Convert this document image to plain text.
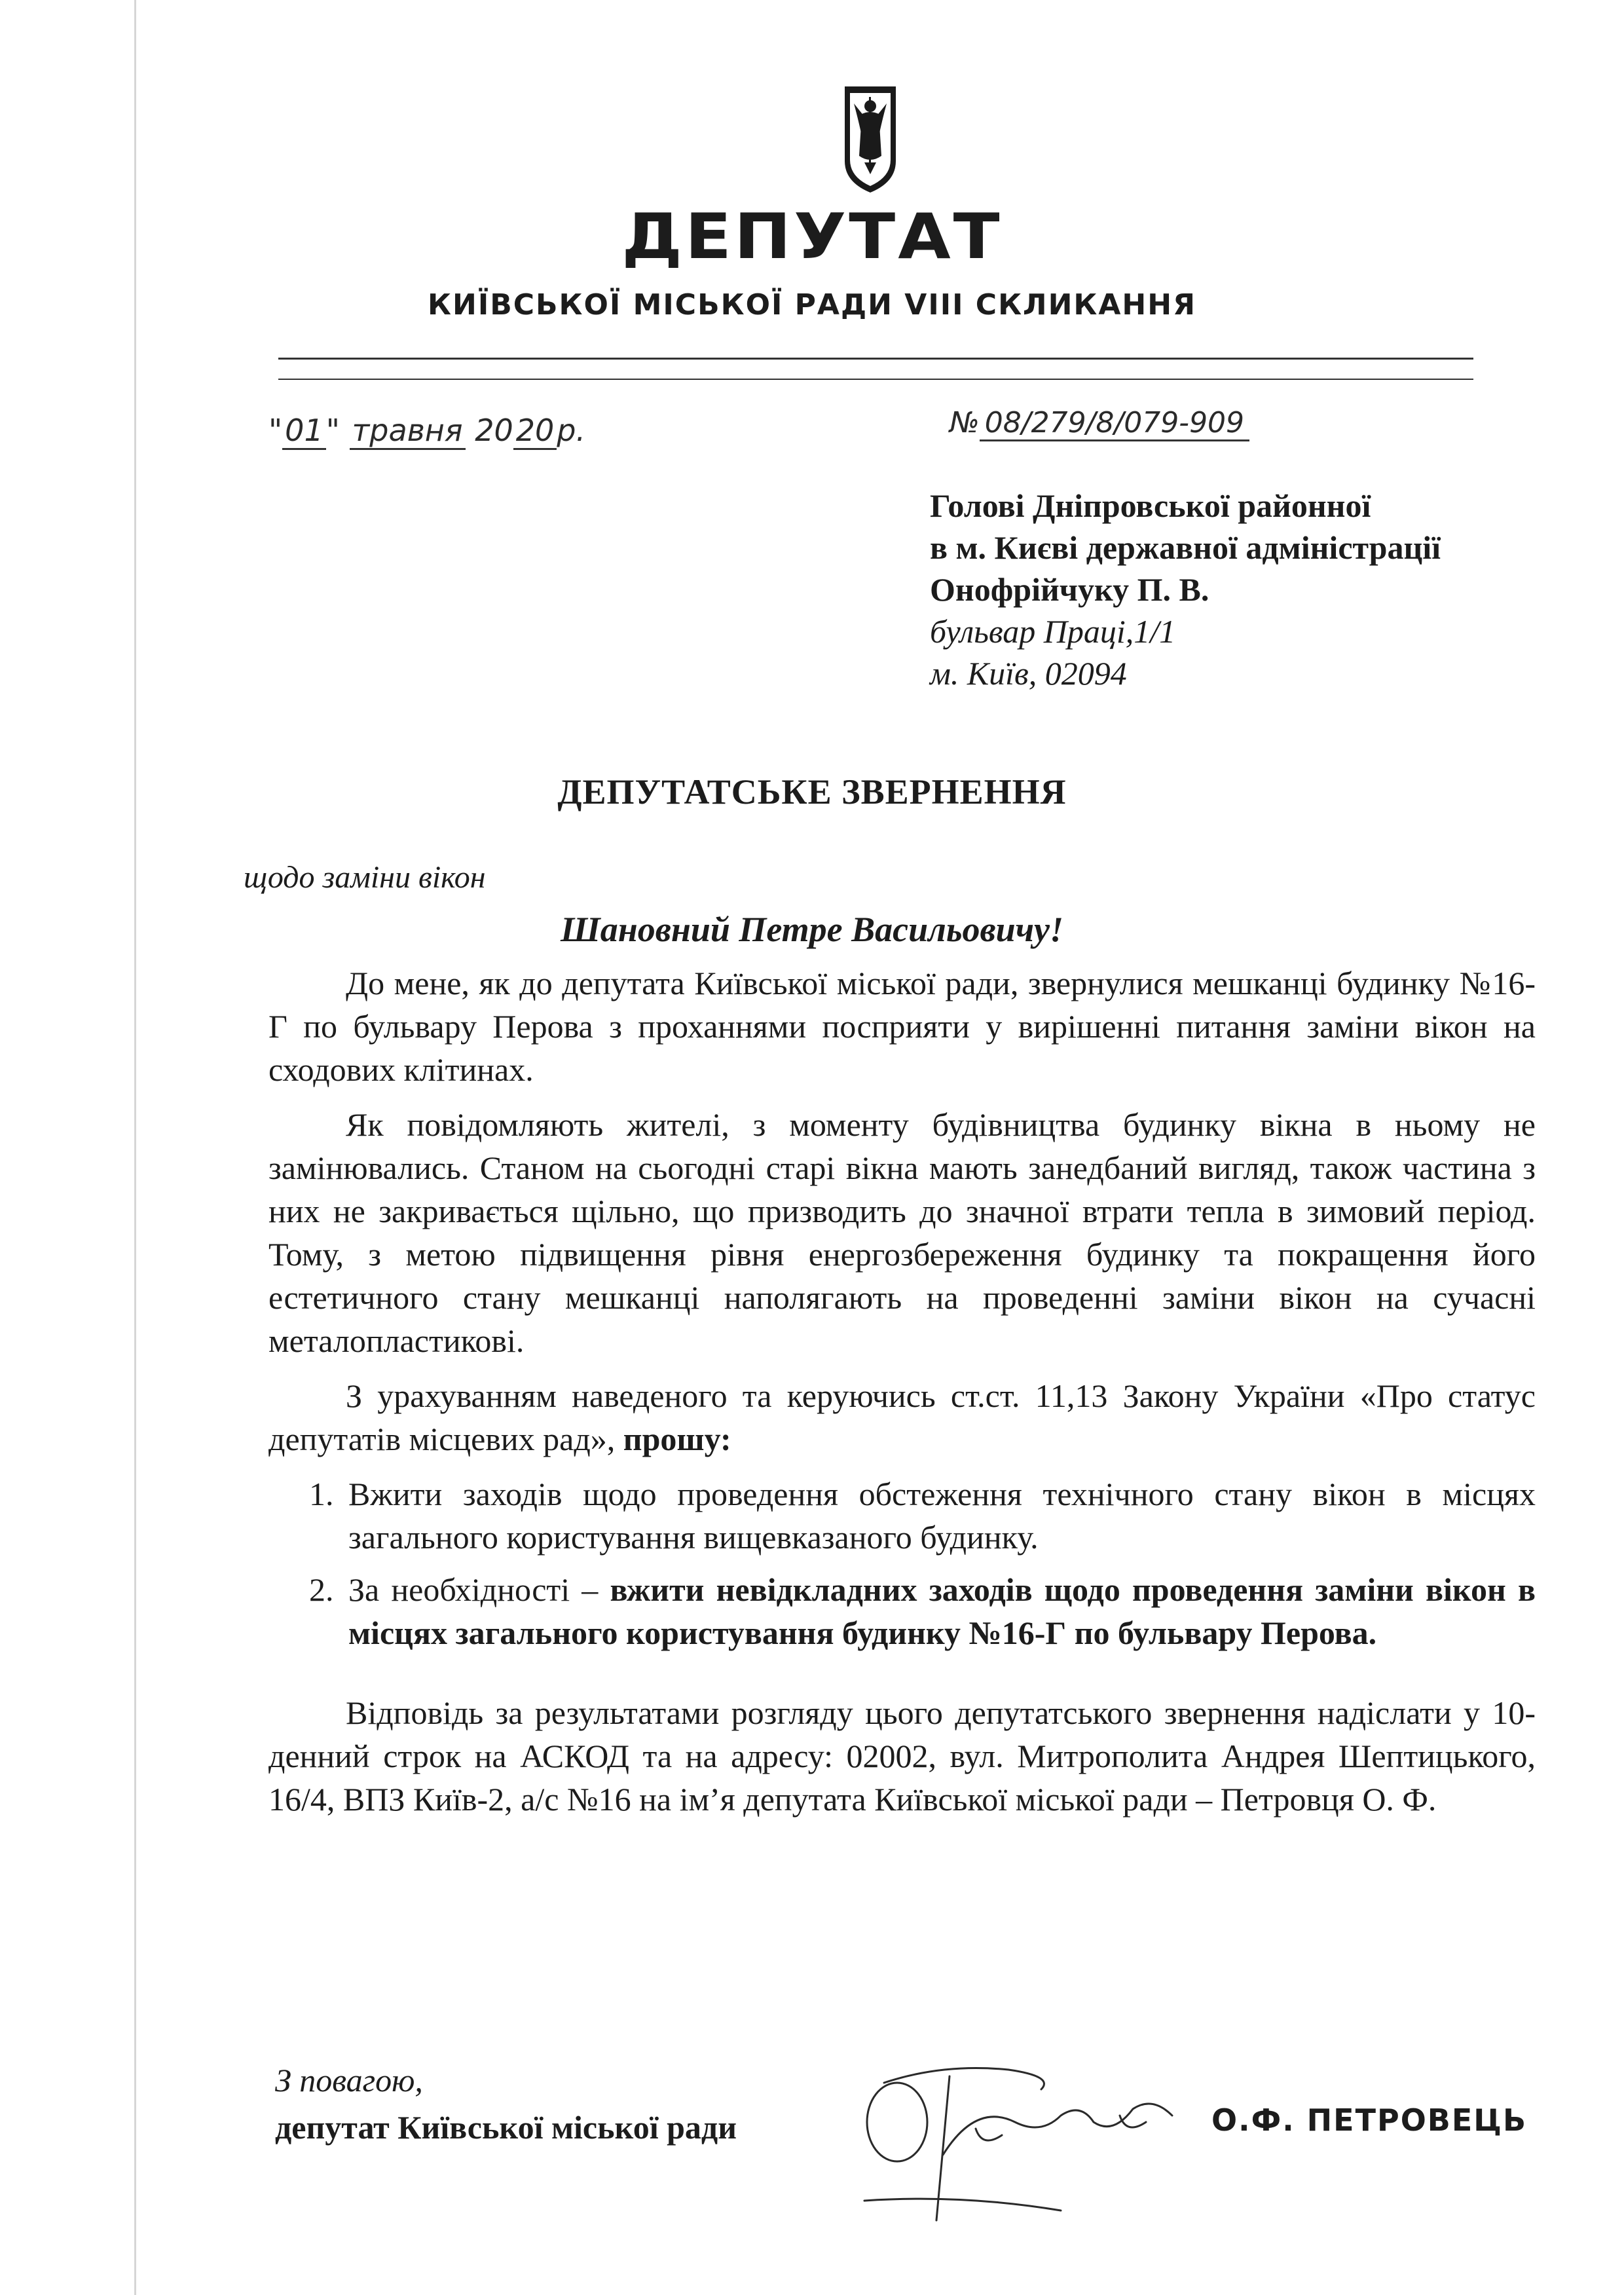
ДЕПУТАТ
КИЇВСЬКОЇ МІСЬКОЇ РАДИ VIII СКЛИКАННЯ
"01" травня 2020р.	№ 08/279/8/079-909
Голові Дніпровської районної
в м. Києві державної адміністрації
Онофрійчуку П. В.
бульвар Праці,1/1
м. Київ, 02094
ДЕПУТАТСЬКЕ ЗВЕРНЕННЯ
щодо заміни вікон
Шановний Петре Васильовичу!

До мене, як до депутата Київської міської ради, звернулися мешканці будинку №16-Г по бульвару Перова з проханнями посприяти у вирішенні питання заміни вікон на сходових клітинах.

Як повідомляють жителі, з моменту будівництва будинку вікна в ньому не замінювались. Станом на сьогодні старі вікна мають занедбаний вигляд, також частина з них не закривається щільно, що призводить до значної втрати тепла в зимовий період. Тому, з метою підвищення рівня енергозбереження будинку та покращення його естетичного стану мешканці наполягають на проведенні заміни вікон на сучасні металопластикові.

З урахуванням наведеного та керуючись ст.ст. 11,13 Закону України «Про статус депутатів місцевих рад», прошу:

1. Вжити заходів щодо проведення обстеження технічного стану вікон в місцях загального користування вищевказаного будинку.
2. За необхідності – вжити невідкладних заходів щодо проведення заміни вікон в місцях загального користування будинку №16-Г по бульвару Перова.

Відповідь за результатами розгляду цього депутатського звернення надіслати у 10-денний строк на АСКОД та на адресу: 02002, вул. Митрополита Андрея Шептицького, 16/4, ВПЗ Київ-2, а/с №16 на ім’я депутата Київської міської ради – Петровця О. Ф.

З повагою,
депутат Київської міської ради	О.Ф. ПЕТРОВЕЦЬ
